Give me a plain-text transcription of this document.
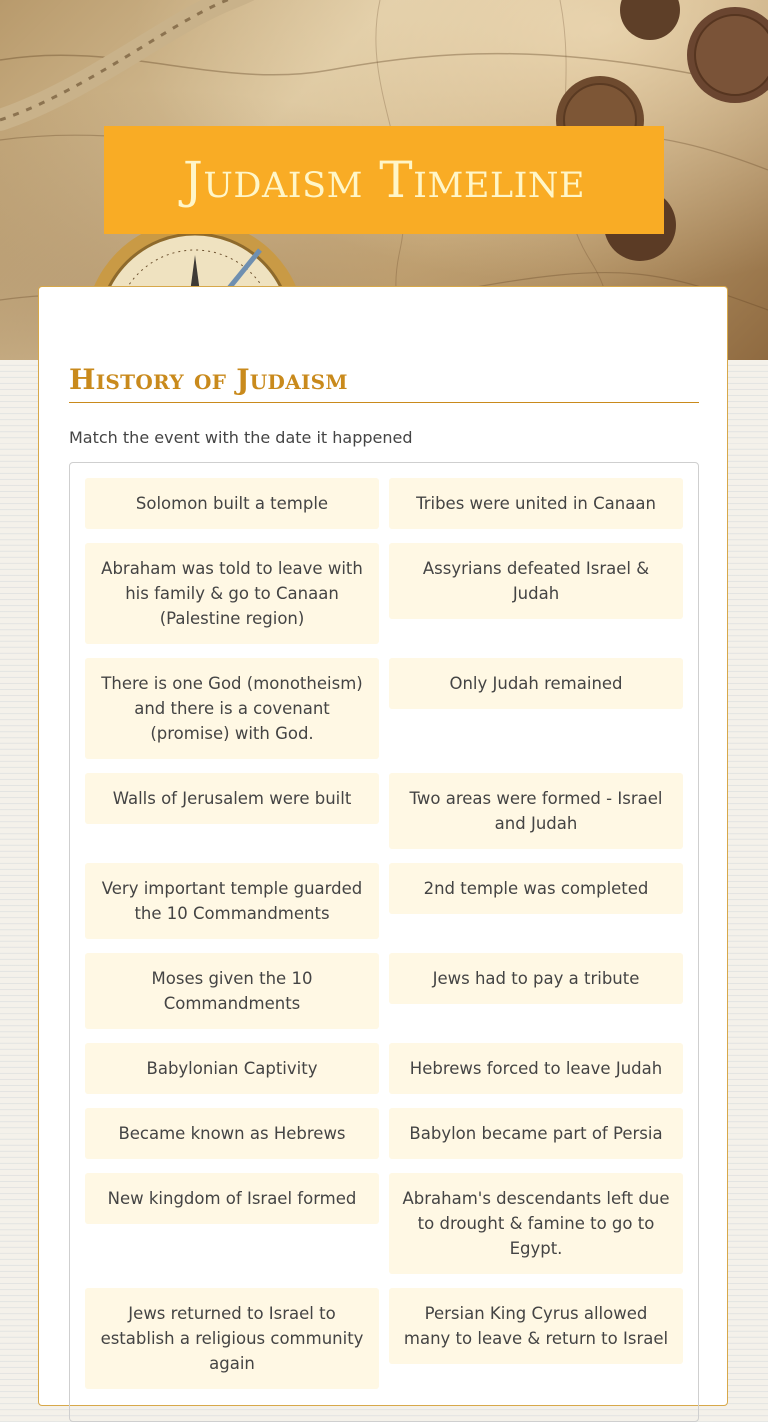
Judaism Timeline
History of Judaism

Match the event with the date it happened

Solomon built a temple
Abraham was told to leave with his family & go to Canaan (Palestine region)
There is one God (monotheism) and there is a covenant (promise) with God.
Walls of Jerusalem were built
Very important temple guarded the 10 Commandments
Moses given the 10 Commandments
Babylonian Captivity
Became known as Hebrews
New kingdom of Israel formed
Jews returned to Israel to establish a religious community again
Tribes were united in Canaan
Assyrians defeated Israel & Judah
Only Judah remained
Two areas were formed - Israel and Judah
2nd temple was completed
Jews had to pay a tribute
Hebrews forced to leave Judah
Babylon became part of Persia
Abraham's descendants left due to drought & famine to go to Egypt.
Persian King Cyrus allowed many to leave & return to Israel
